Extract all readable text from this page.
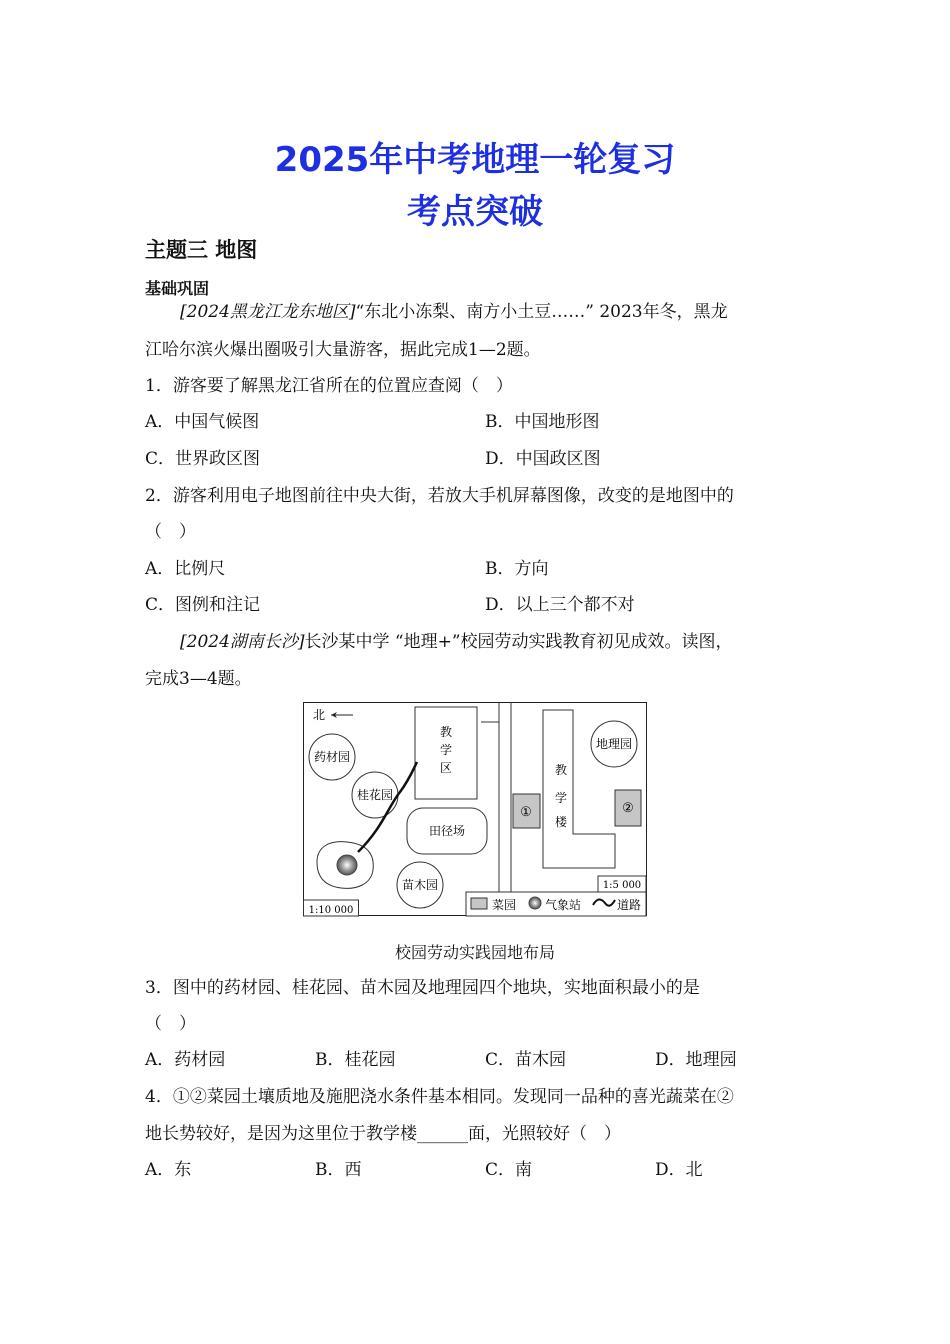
2025年中考地理一轮复习
考点突破
主题三 地图
基础巩固
[2024黑龙江龙东地区]“东北小冻梨、南方小土豆……” 2023年冬，黑龙
江哈尔滨火爆出圈吸引大量游客，据此完成1—2题。
1．游客要了解黑龙江省所在的位置应查阅（　）
A．中国气候图	B．中国地形图
C．世界政区图	D．中国政区图
2．游客利用电子地图前往中央大街，若放大手机屏幕图像，改变的是地图中的
（　）
A．比例尺	B．方向
C．图例和注记	D．以上三个都不对
[2024湖南长沙]长沙某中学 “地理+”校园劳动实践教育初见成效。读图，
完成3—4题。
北
药材园
桂花园
教
学
区
田径场
苗木园
1:10 000
①
教
学
楼
地理园
②
1:5 000
菜园 气象站	道路
校园劳动实践园地布局
3．图中的药材园、桂花园、苗木园及地理园四个地块，实地面积最小的是
（　）
A．药材园	B．桂花园	C．苗木园	D．地理园
4．①②菜园土壤质地及施肥浇水条件基本相同。发现同一品种的喜光蔬菜在②
地长势较好，是因为这里位于教学楼______面，光照较好（　）
A．东	B．西	C．南	D．北
